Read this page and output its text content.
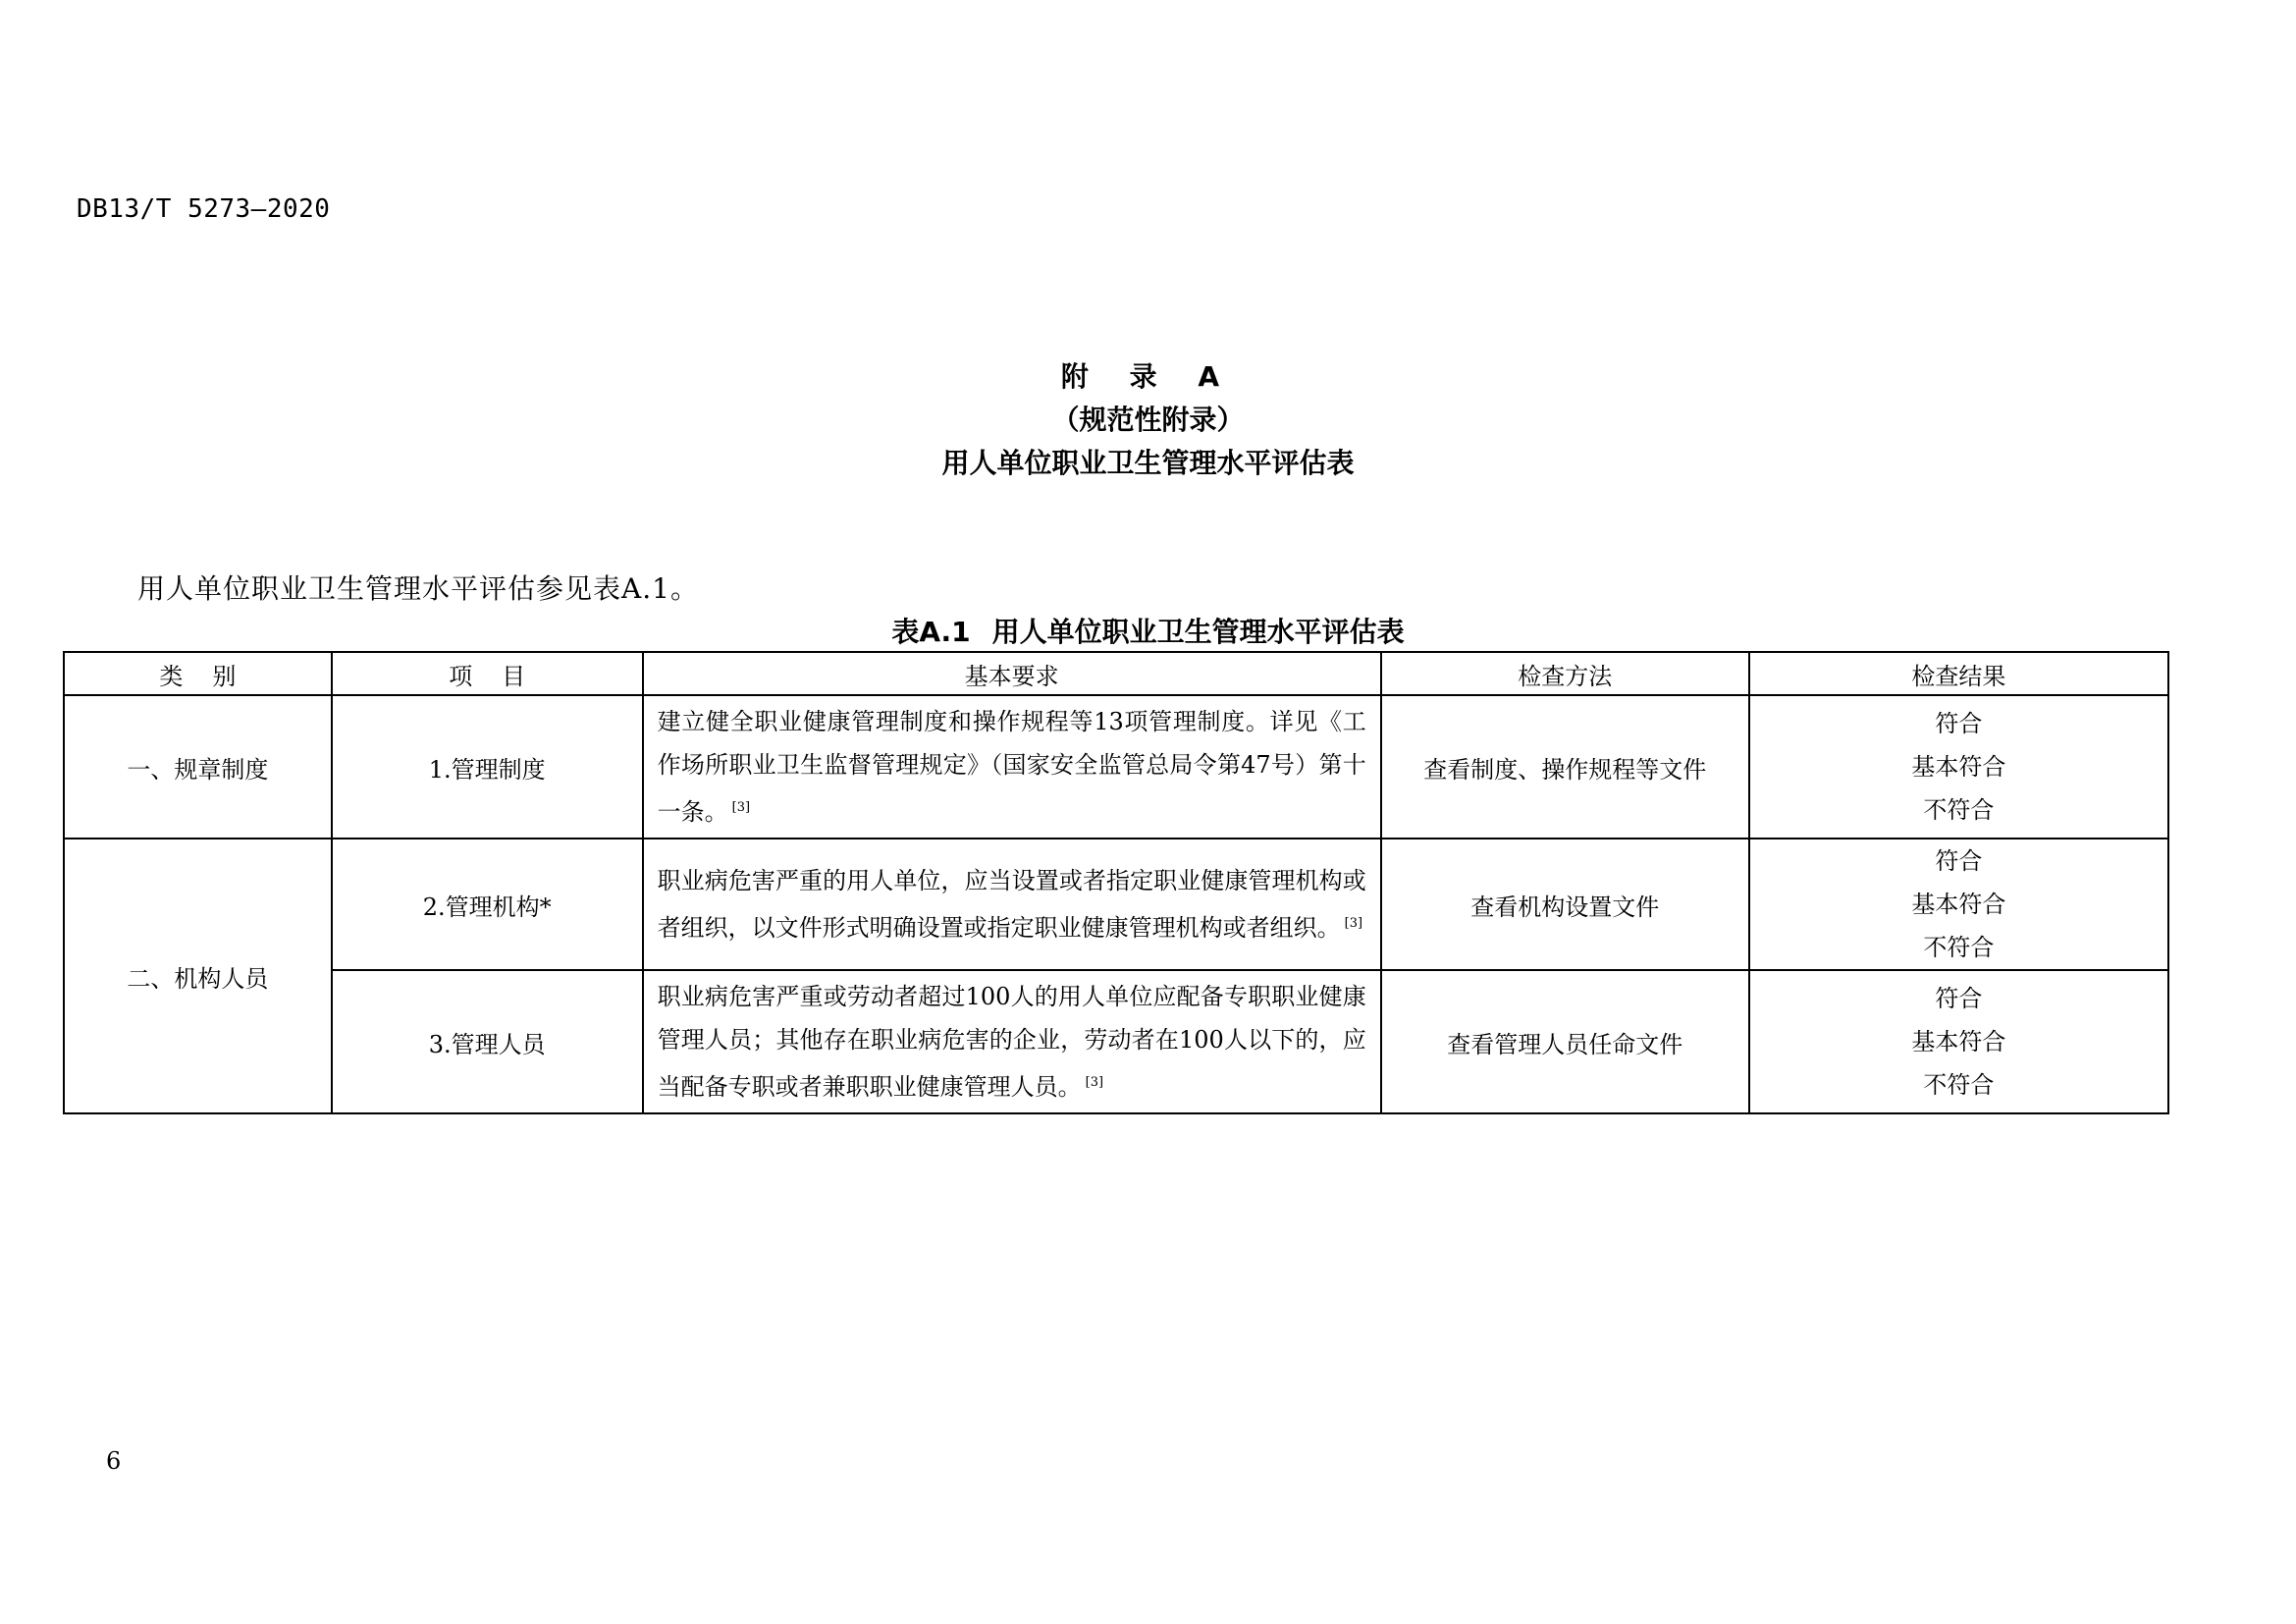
DB13/T 5273—2020
附 录 A
（规范性附录）
用人单位职业卫生管理水平评估表
用人单位职业卫生管理水平评估参见表A.1。
表A.1 用人单位职业卫生管理水平评估表
类别	项目	基本要求	检查方法	检查结果
一、规章制度	1.管理制度	建立健全职业健康管理制度和操作规程等13项管理制度。详见《工作场所职业卫生监督管理规定》（国家安全监管总局令第47号）第十一条。 [3]	查看制度、操作规程等文件	符合
基本符合
不符合

二、机构人员	2.管理机构*	职业病危害严重的用人单位，应当设置或者指定职业健康管理机构或者组织，以文件形式明确设置或指定职业健康管理机构或者组织。 [3]	查看机构设置文件	符合
基本符合
不符合

	3.管理人员	职业病危害严重或劳动者超过100人的用人单位应配备专职职业健康管理人员；其他存在职业病危害的企业，劳动者在100人以下的，应当配备专职或者兼职职业健康管理人员。 [3]	查看管理人员任命文件	符合
基本符合
不符合
6
